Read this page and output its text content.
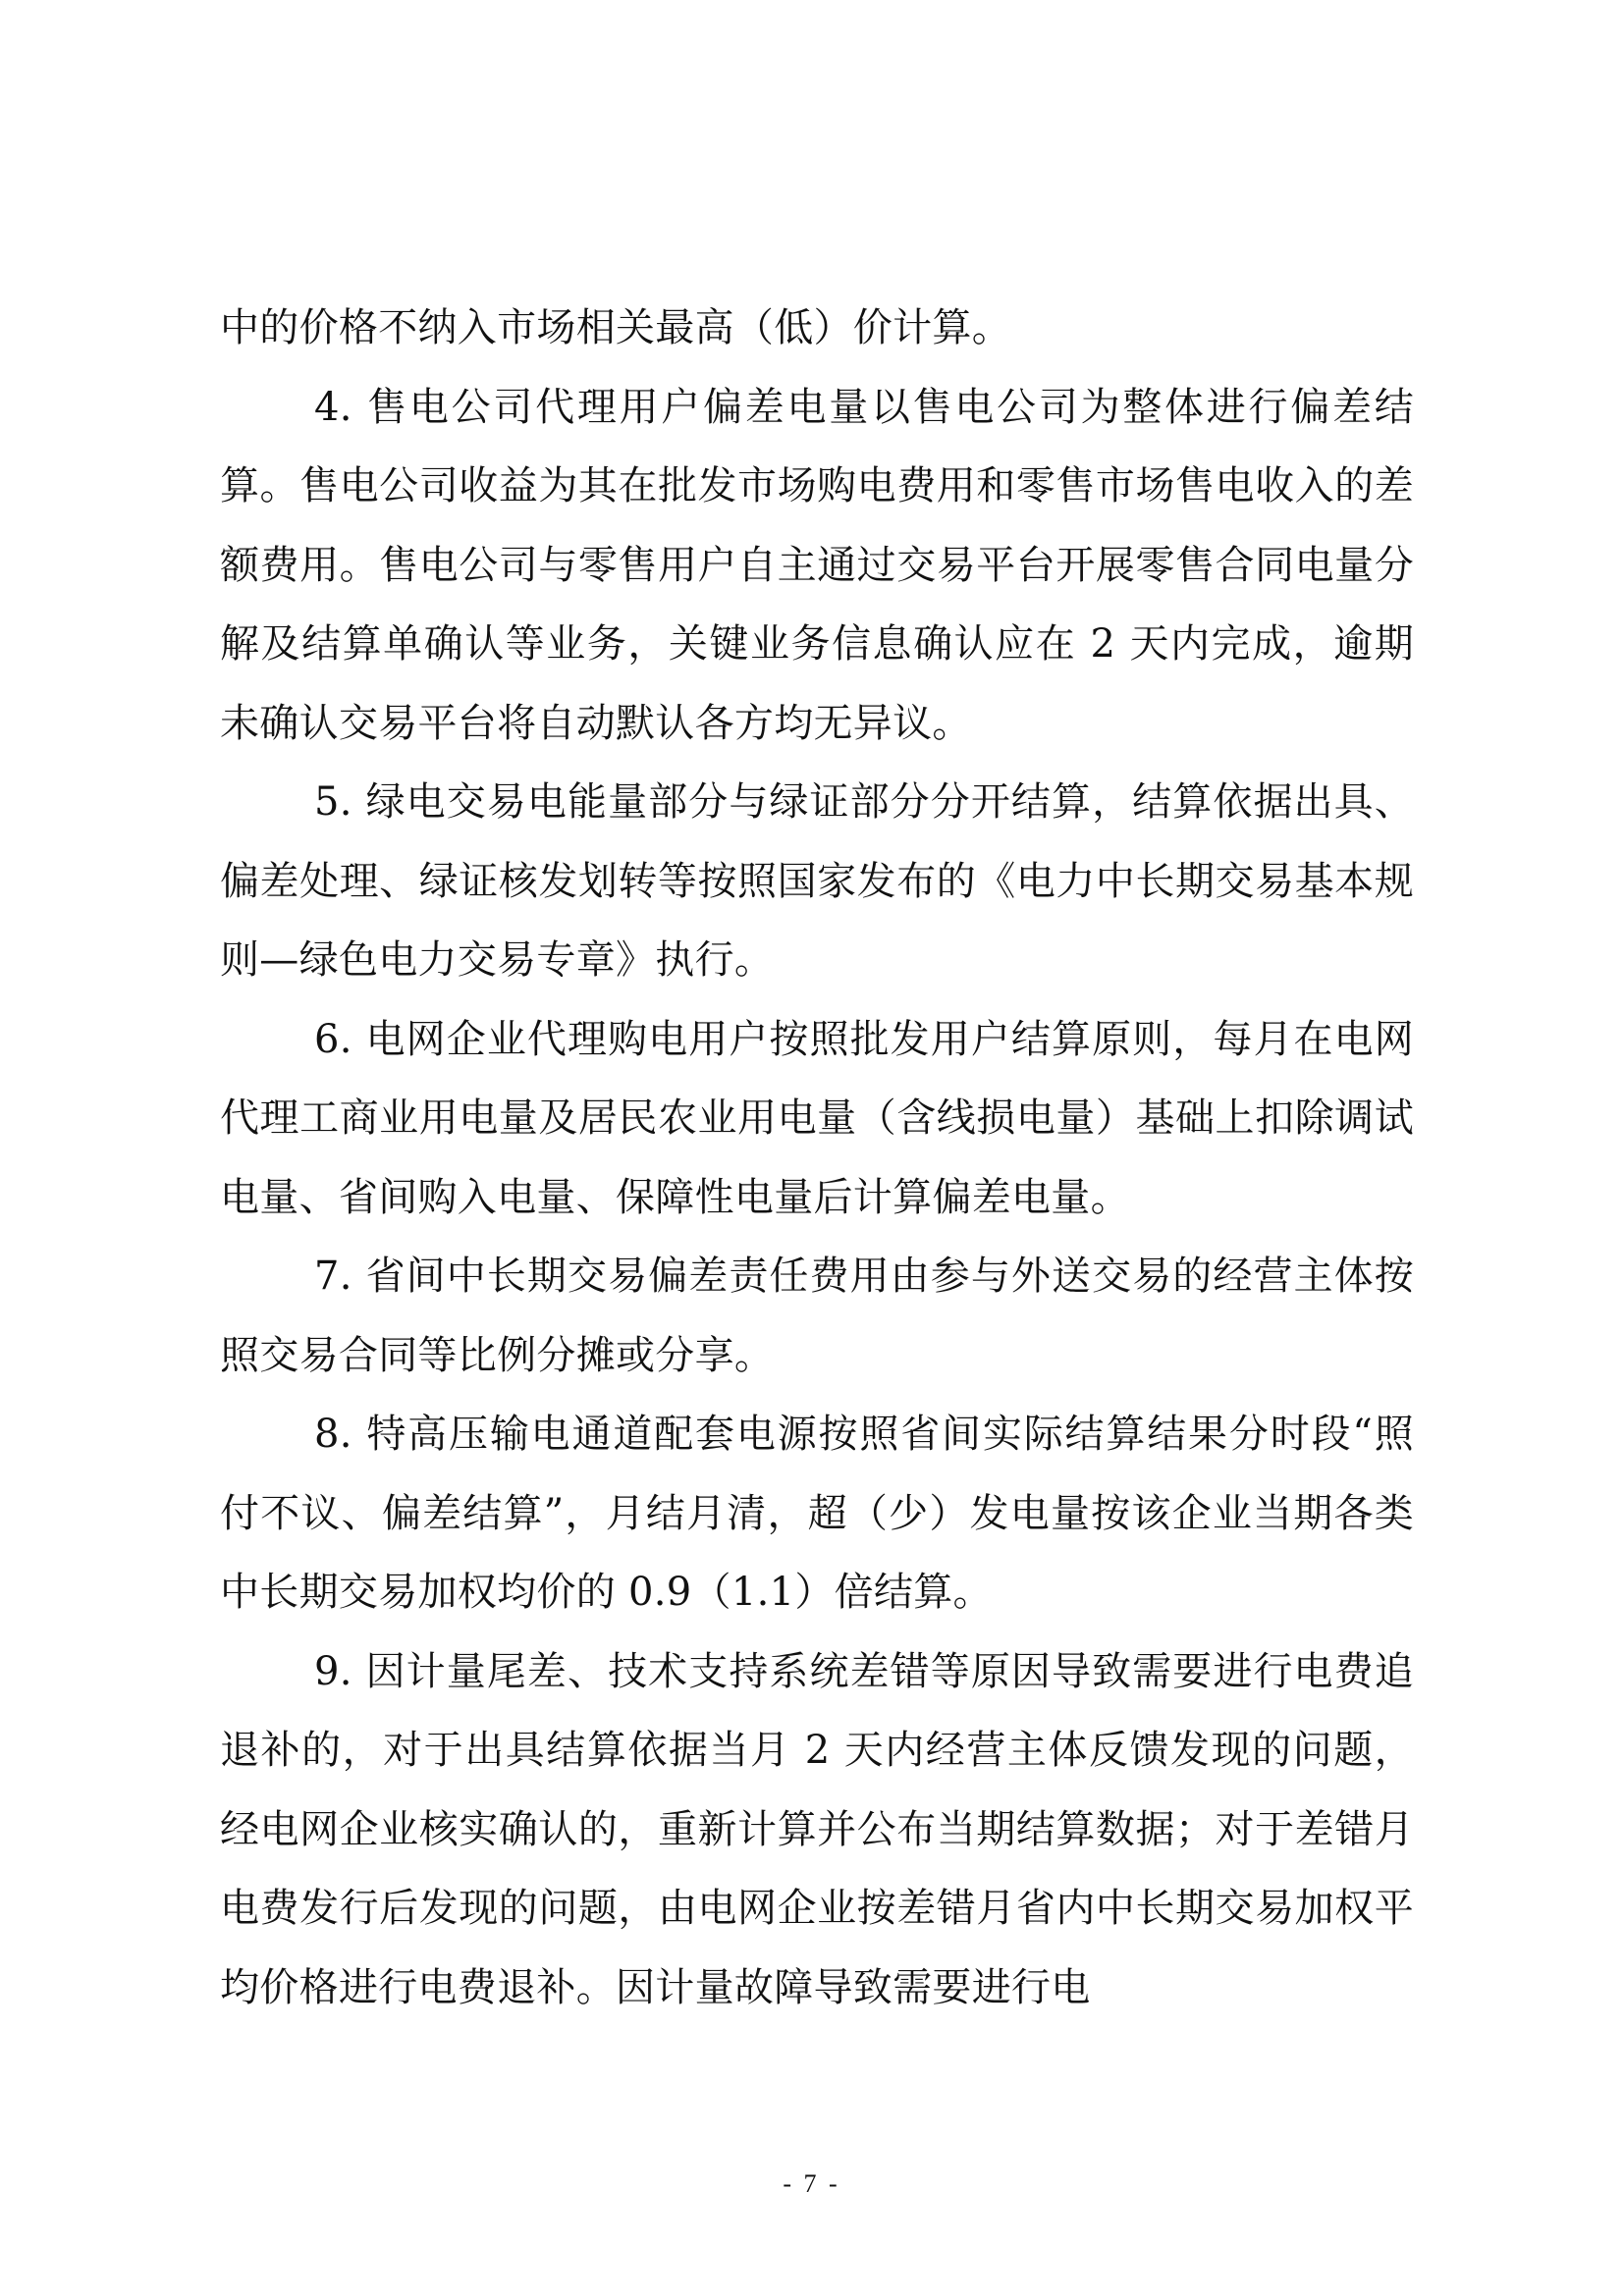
中的价格不纳入市场相关最高（低）价计算。

4. 售电公司代理用户偏差电量以售电公司为整体进行偏差结算。售电公司收益为其在批发市场购电费用和零售市场售电收入的差额费用。售电公司与零售用户自主通过交易平台开展零售合同电量分解及结算单确认等业务，关键业务信息确认应在 2 天内完成，逾期未确认交易平台将自动默认各方均无异议。

5. 绿电交易电能量部分与绿证部分分开结算，结算依据出具、偏差处理、绿证核发划转等按照国家发布的《电力中长期交易基本规则—绿色电力交易专章》执行。

6. 电网企业代理购电用户按照批发用户结算原则，每月在电网代理工商业用电量及居民农业用电量（含线损电量）基础上扣除调试电量、省间购入电量、保障性电量后计算偏差电量。

7. 省间中长期交易偏差责任费用由参与外送交易的经营主体按照交易合同等比例分摊或分享。

8. 特高压输电通道配套电源按照省间实际结算结果分时段“照付不议、偏差结算”，月结月清，超（少）发电量按该企业当期各类中长期交易加权均价的 0.9（1.1）倍结算。

9. 因计量尾差、技术支持系统差错等原因导致需要进行电费追退补的，对于出具结算依据当月 2 天内经营主体反馈发现的问题，经电网企业核实确认的，重新计算并公布当期结算数据；对于差错月电费发行后发现的问题，由电网企业按差错月省内中长期交易加权平均价格进行电费退补。因计量故障导致需要进行电

- 7 -
